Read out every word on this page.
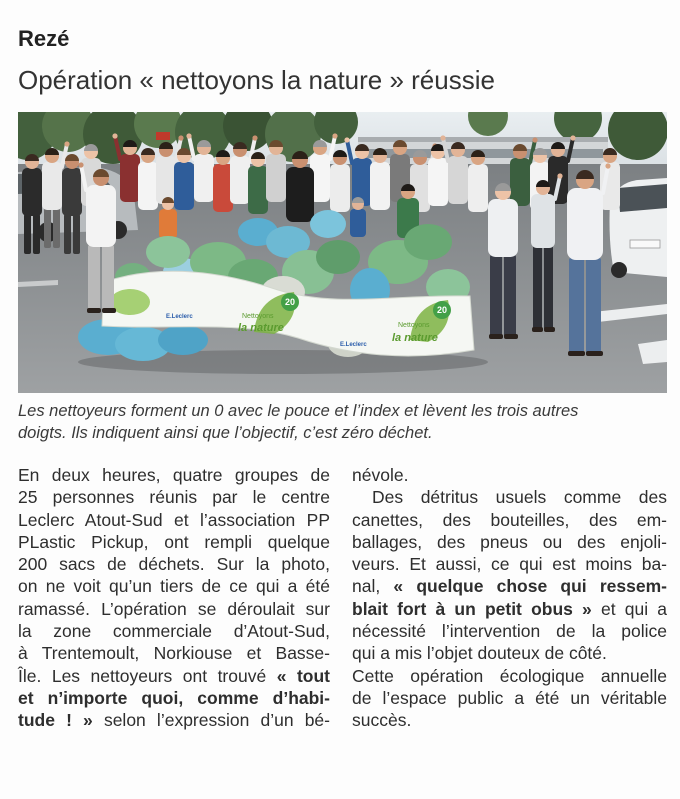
Rezé
Opération « nettoyons la nature » réussie
20
Nettoyons
la nature
20
Nettoyons
la nature
E.Leclerc
E.Leclerc
Les nettoyeurs forment un 0 avec le pouce et l’index et lèvent les trois autres
doigts. Ils indiquent ainsi que l’objectif, c’est zéro déchet.
En deux heures, quatre groupes de
25 personnes réunis par le centre
Leclerc Atout-Sud et l’association PP
PLastic Pickup, ont rempli quelque
200 sacs de déchets. Sur la photo,
on ne voit qu’un tiers de ce qui a été
ramassé. L’opération se déroulait sur
la zone commerciale d’Atout-Sud,
à Trentemoult, Norkiouse et Basse-
Île. Les nettoyeurs ont trouvé « tout
et n’importe quoi, comme d’habi-
tude ! » selon l’expression d’un bé-
névole.
Des détritus usuels comme des
canettes, des bouteilles, des em-
ballages, des pneus ou des enjoli-
veurs. Et aussi, ce qui est moins ba-
nal, « quelque chose qui ressem-
blait fort à un petit obus » et qui a
nécessité l’intervention de la police
qui a mis l’objet douteux de côté.
Cette opération écologique annuelle
de l’espace public a été un véritable
succès.
